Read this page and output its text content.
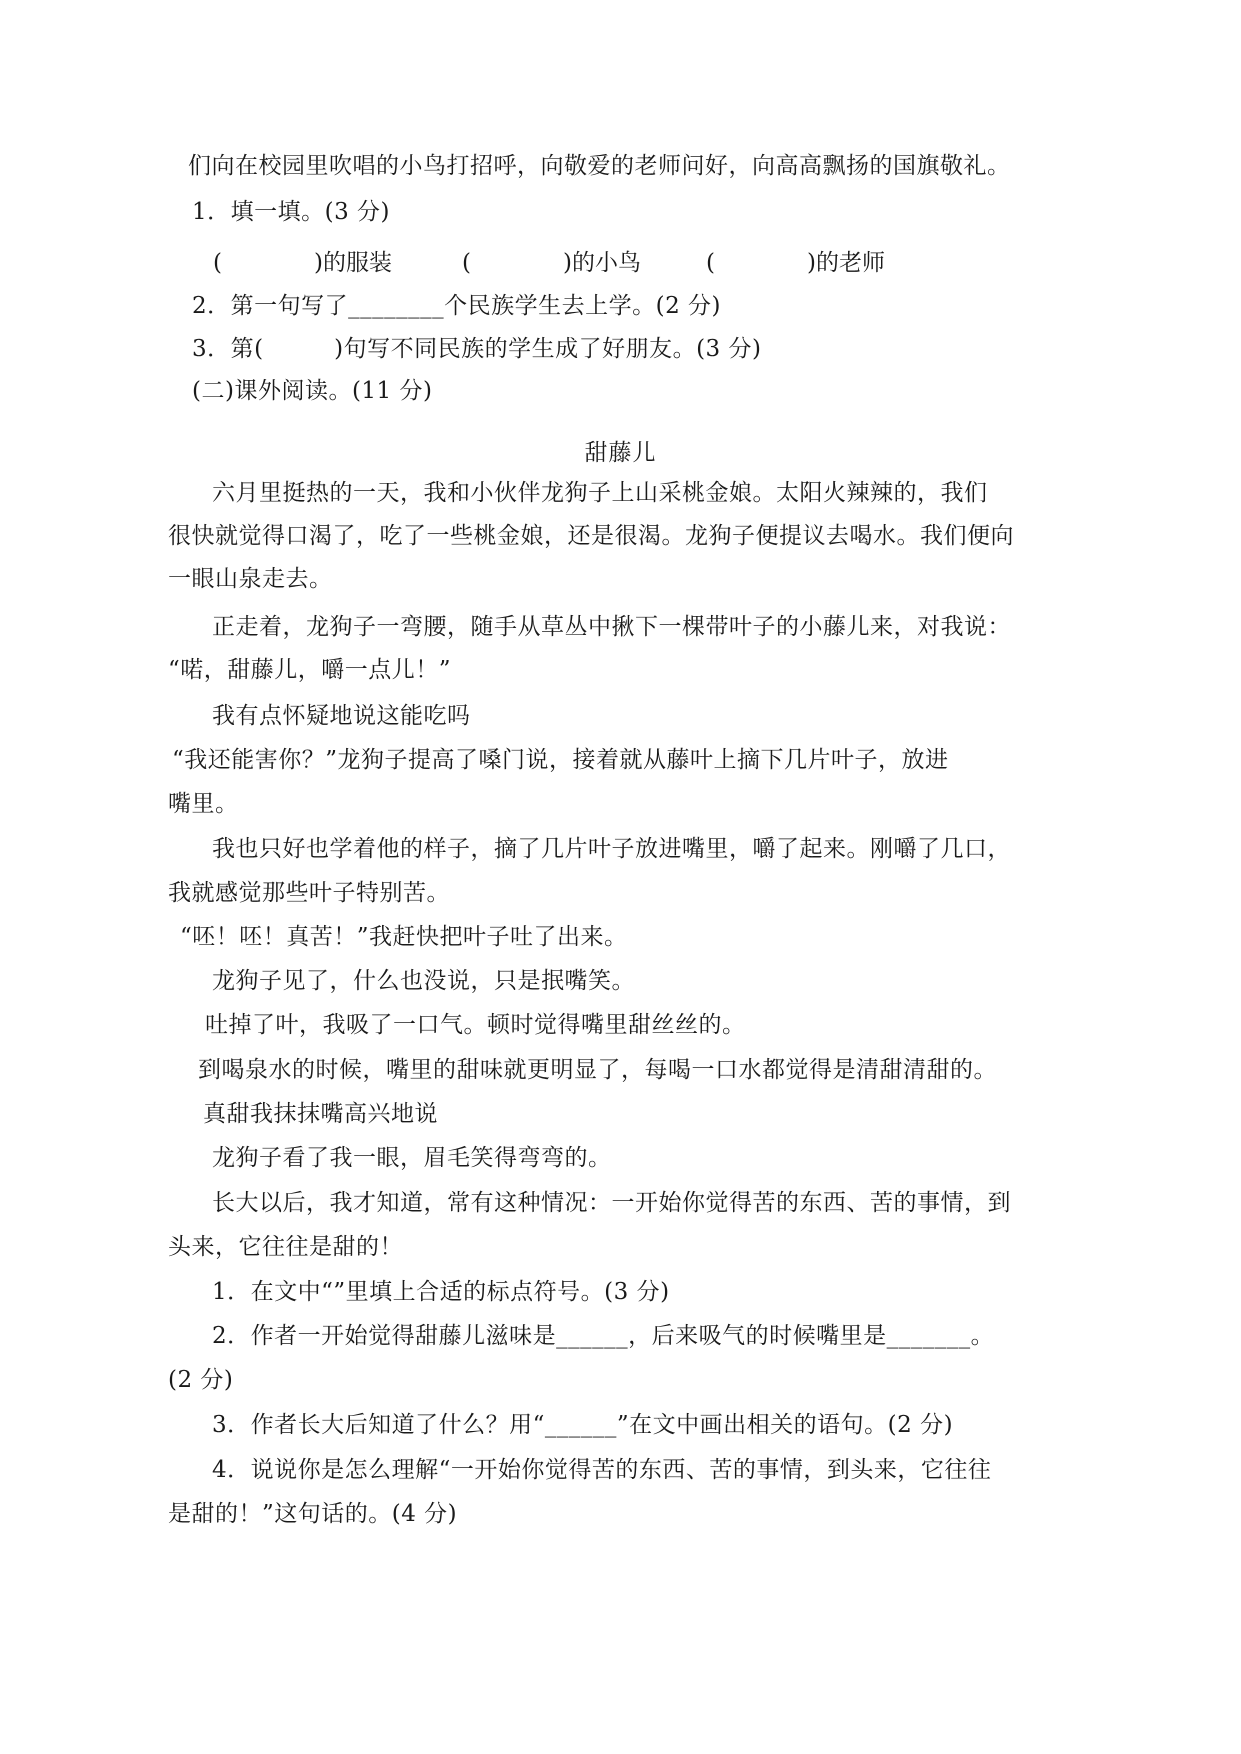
们向在校园里吹唱的小鸟打招呼，向敬爱的老师问好，向高高飘扬的国旗敬礼。
1．填一填。(3 分)
(　　　　)的服装	(　　　　)的小鸟	(　　　　)的老师
2．第一句写了________个民族学生去上学。(2 分)
3．第(　　　)句写不同民族的学生成了好朋友。(3 分)
(二)课外阅读。(11 分)
甜藤儿
六月里挺热的一天，我和小伙伴龙狗子上山采桃金娘。太阳火辣辣的，我们
很快就觉得口渴了，吃了一些桃金娘，还是很渴。龙狗子便提议去喝水。我们便向
一眼山泉走去。
正走着，龙狗子一弯腰，随手从草丛中揪下一棵带叶子的小藤儿来，对我说：
“喏，甜藤儿，嚼一点儿！”
我有点怀疑地说这能吃吗
“我还能害你？”龙狗子提高了嗓门说，接着就从藤叶上摘下几片叶子，放进
嘴里。
我也只好也学着他的样子，摘了几片叶子放进嘴里，嚼了起来。刚嚼了几口，
我就感觉那些叶子特别苦。
“呸！呸！真苦！”我赶快把叶子吐了出来。
龙狗子见了，什么也没说，只是抿嘴笑。
吐掉了叶，我吸了一口气。顿时觉得嘴里甜丝丝的。
到喝泉水的时候，嘴里的甜味就更明显了，每喝一口水都觉得是清甜清甜的。
真甜我抹抹嘴高兴地说
龙狗子看了我一眼，眉毛笑得弯弯的。
长大以后，我才知道，常有这种情况：一开始你觉得苦的东西、苦的事情，到
头来，它往往是甜的！
1．在文中“”里填上合适的标点符号。(3 分)
2．作者一开始觉得甜藤儿滋味是______，后来吸气的时候嘴里是_______。
(2 分)
3．作者长大后知道了什么？用“______”在文中画出相关的语句。(2 分)
4．说说你是怎么理解“一开始你觉得苦的东西、苦的事情，到头来，它往往
是甜的！”这句话的。(4 分)
